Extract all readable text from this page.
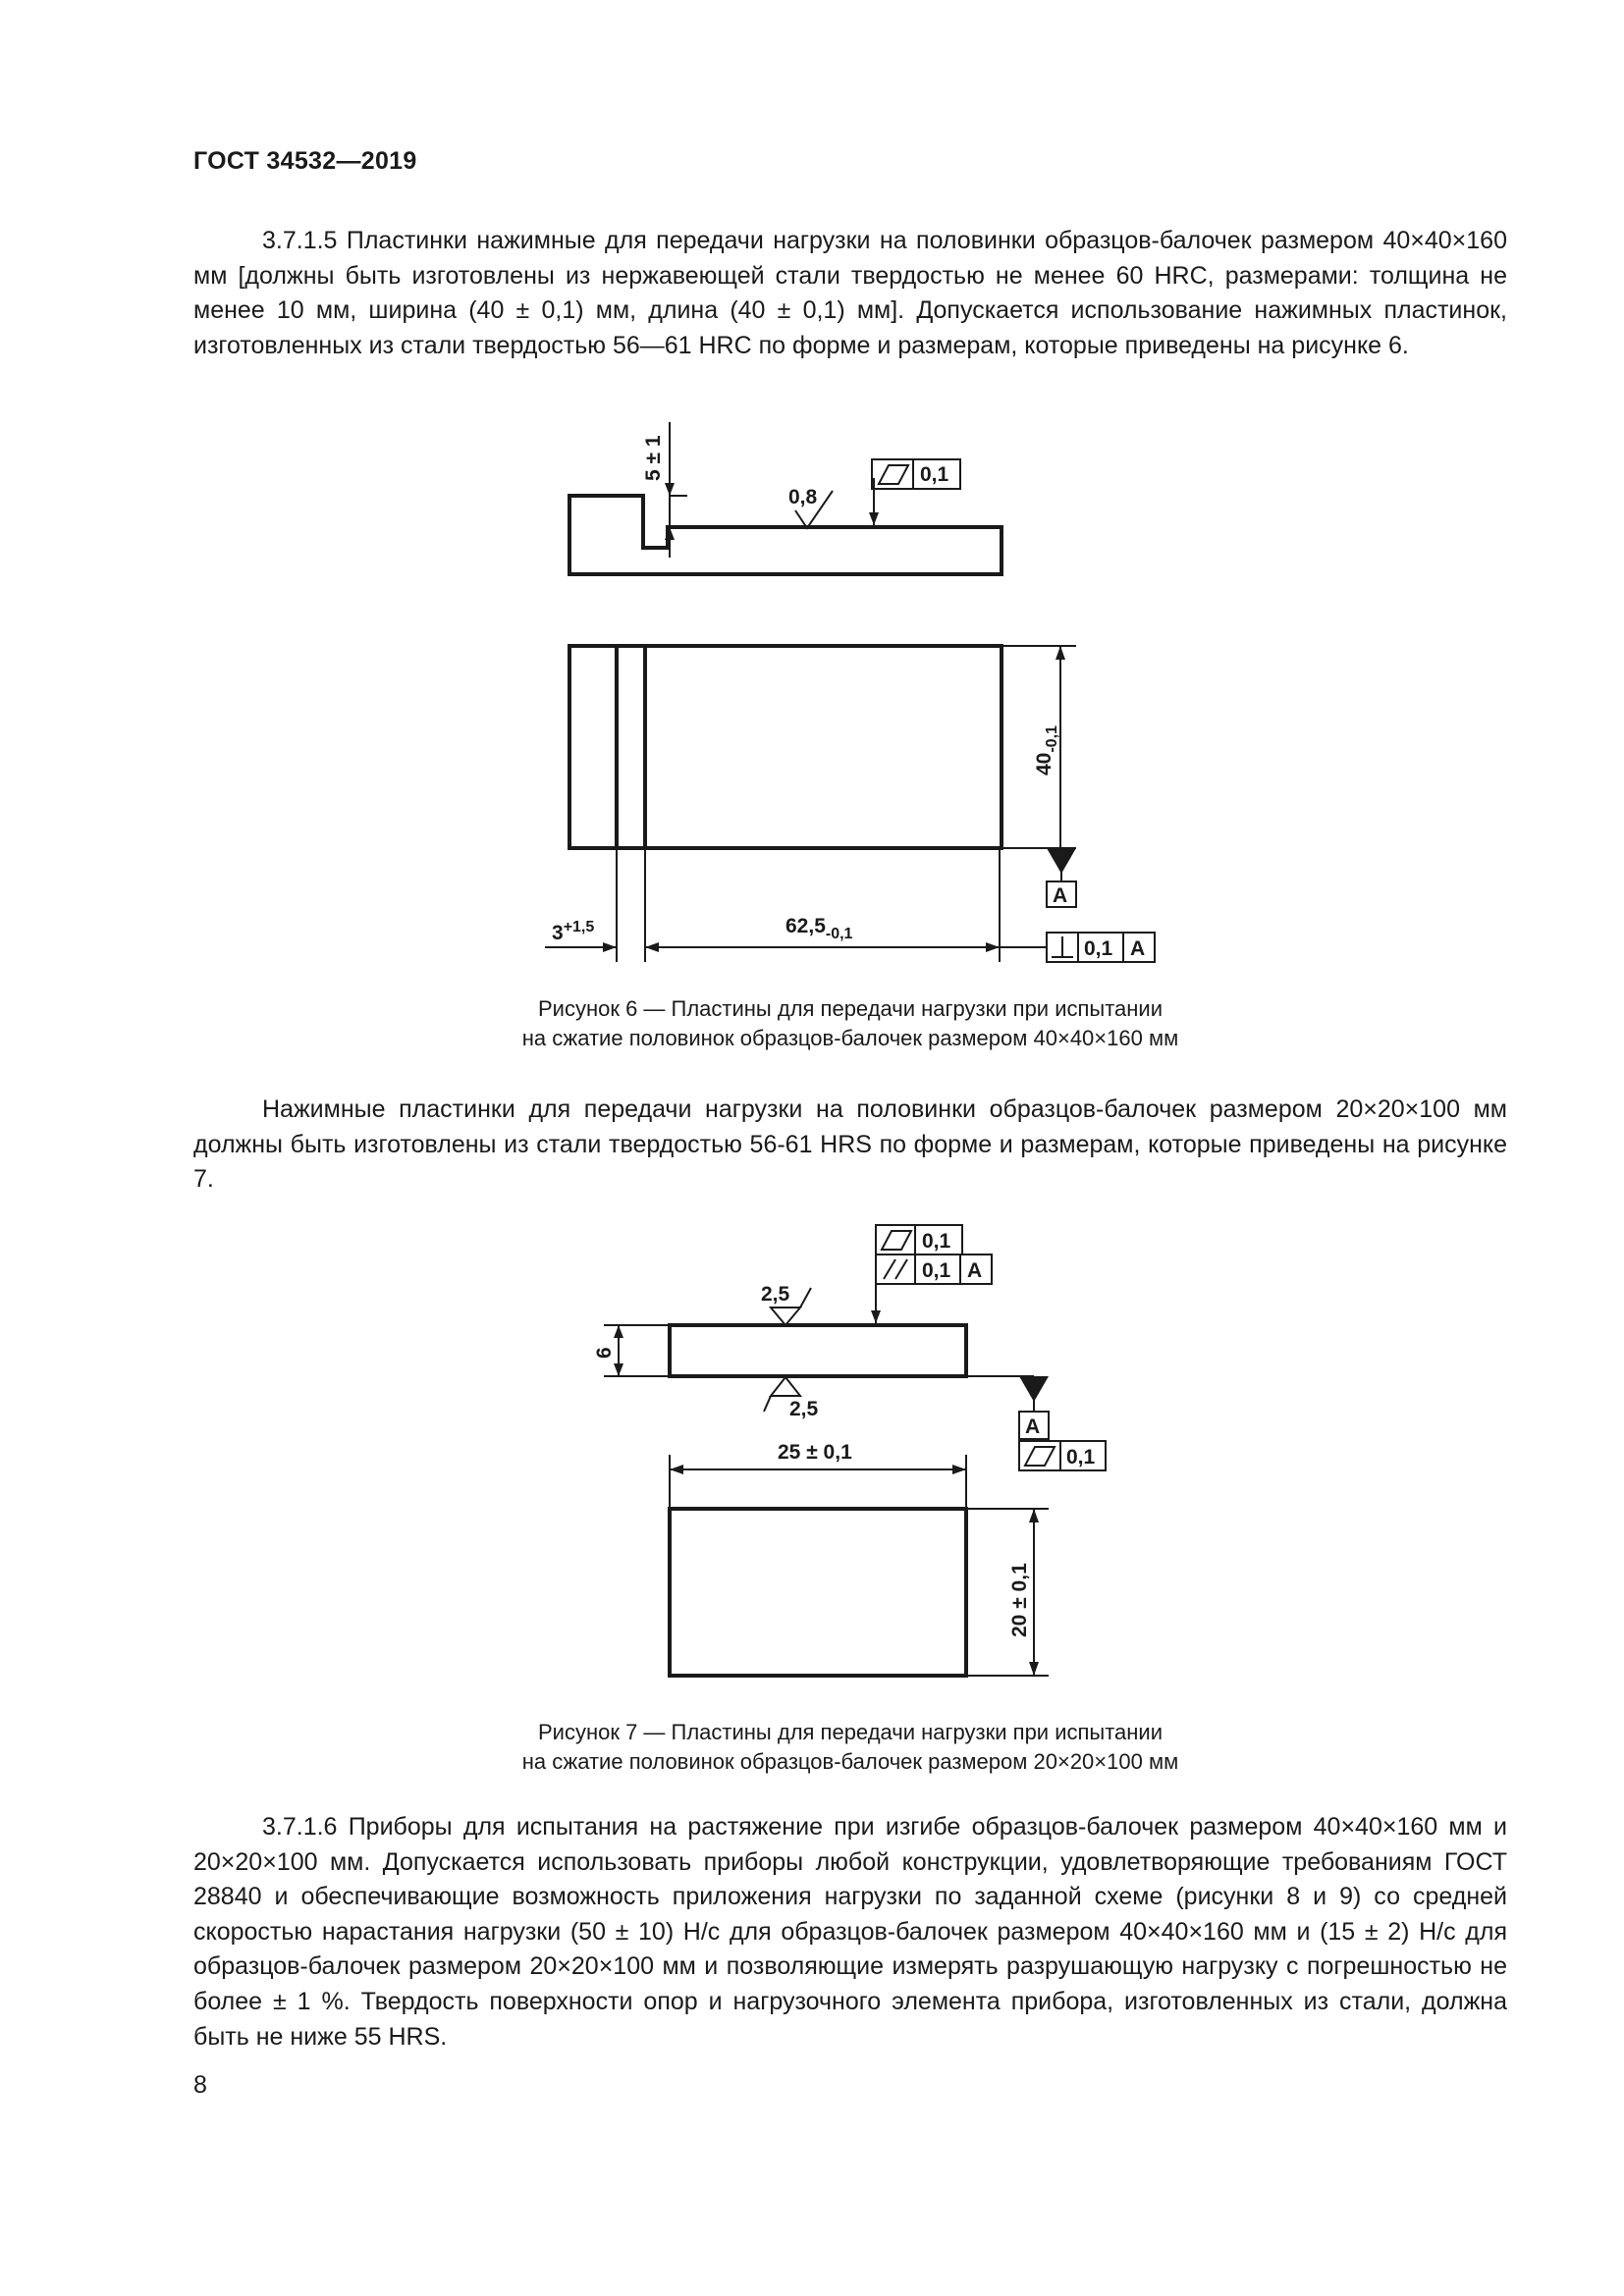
ГОСТ 34532—2019

3.7.1.5 Пластинки нажимные для передачи нагрузки на половинки образцов-балочек размером 40×40×160 мм [должны быть изготовлены из нержавеющей стали твердостью не менее 60 HRC, размерами: толщина не менее 10 мм, ширина (40 ± 0,1) мм, длина (40 ± 0,1) мм]. Допускается использование нажимных пластинок, изготовленных из стали твердостью 56—61 HRC по форме и размерам, которые приведены на рисунке 6.

5 ± 1
0,8
0,1
$40_{-0,1}$
A
$3^{+1,5}$	$62,5_{-0,1}$
0,1 A
Рисунок 6 — Пластины для передачи нагрузки при испытании
на сжатие половинок образцов-балочек размером 40×40×160 мм

Нажимные пластинки для передачи нагрузки на половинки образцов-балочек размером 20×20×100 мм должны быть изготовлены из стали твердостью 56-61 HRS по форме и размерам, которые приведены на рисунке 7.

0,1
0,1 A
2,5
2,5
6
A
0,1
25 ± 0,1
20 ± 0,1
Рисунок 7 — Пластины для передачи нагрузки при испытании
на сжатие половинок образцов-балочек размером 20×20×100 мм

3.7.1.6 Приборы для испытания на растяжение при изгибе образцов-балочек размером 40×40×160 мм и 20×20×100 мм. Допускается использовать приборы любой конструкции, удовлетворяющие требованиям ГОСТ 28840 и обеспечивающие возможность приложения нагрузки по заданной схеме (рисунки 8 и 9) со средней скоростью нарастания нагрузки (50 ± 10) Н/с для образцов-балочек размером 40×40×160 мм и (15 ± 2) Н/с для образцов-балочек размером 20×20×100 мм и позволяющие измерять разрушающую нагрузку с погрешностью не более ± 1 %. Твердость поверхности опор и нагрузочного элемента прибора, изготовленных из стали, должна быть не ниже 55 HRS.

8
